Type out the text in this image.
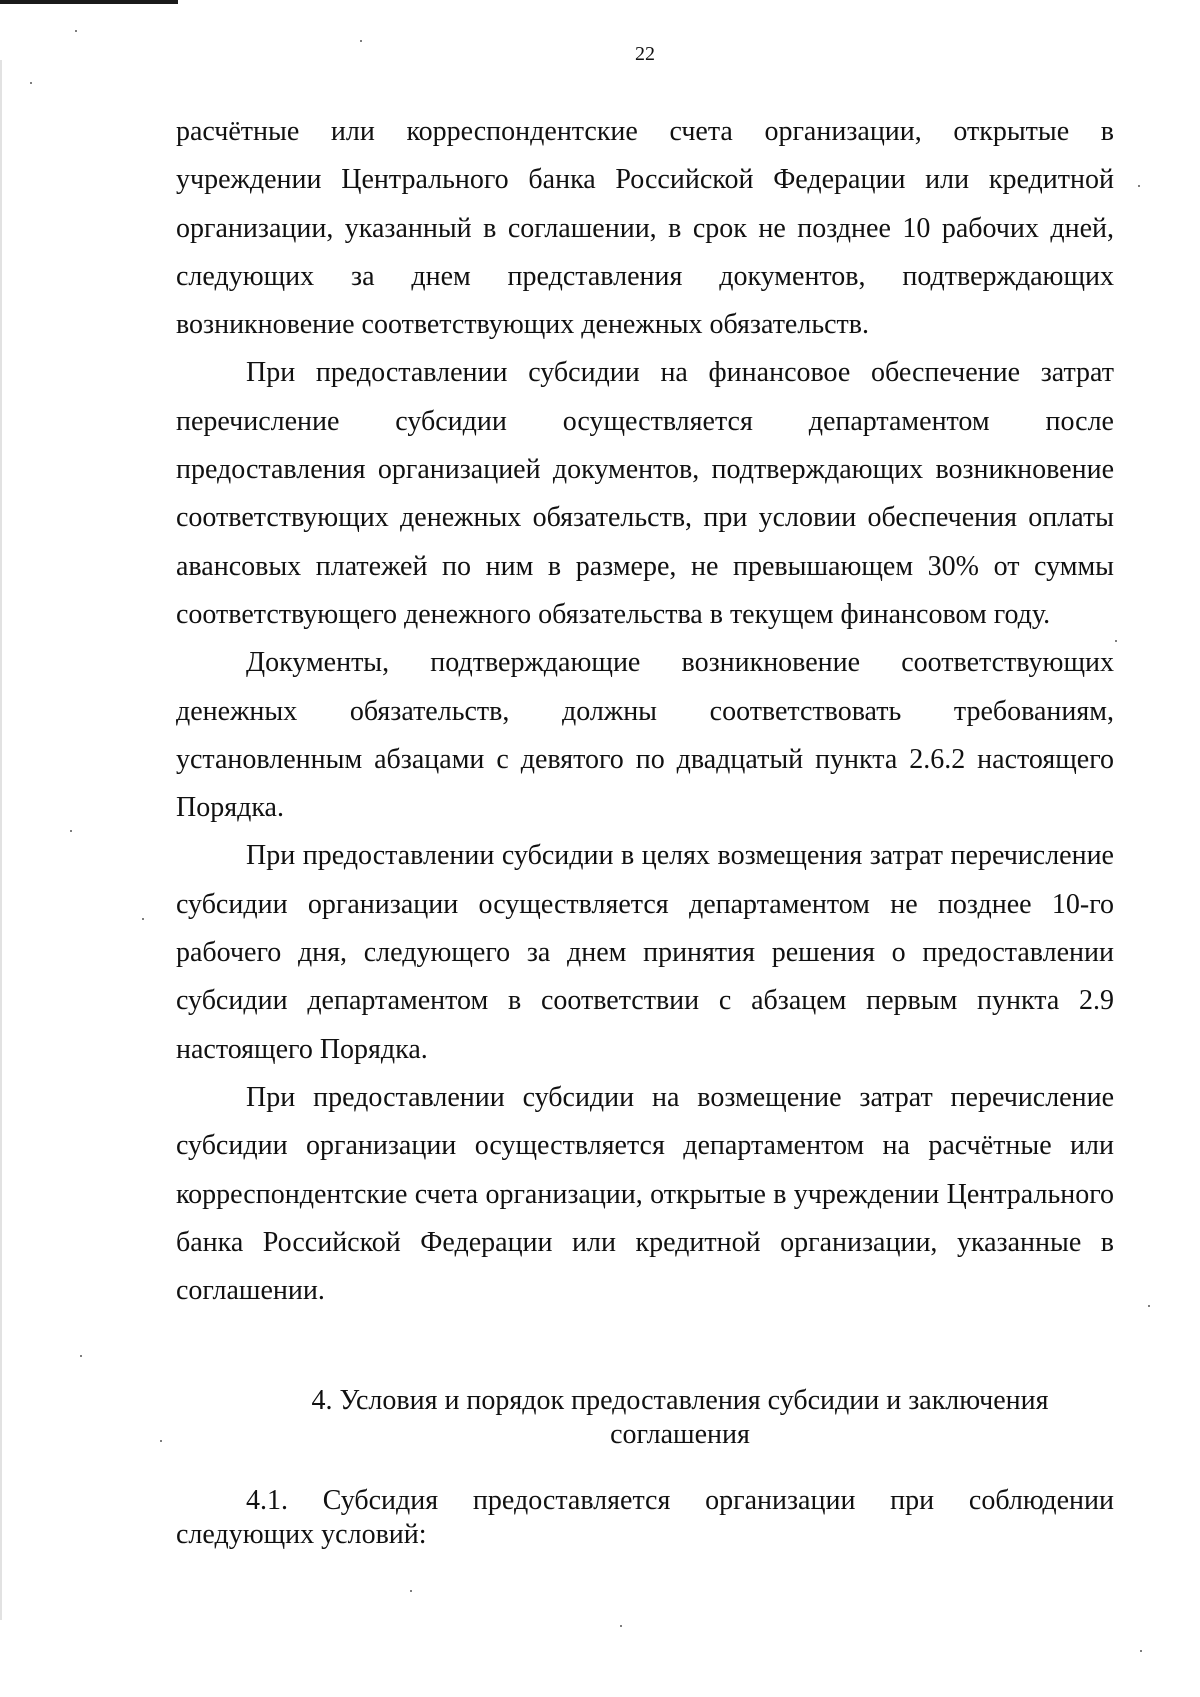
22

расчётные или корреспондентские счета организации, открытые в учреждении Центрального банка Российской Федерации или кредитной организации, указанный в соглашении, в срок не позднее 10 рабочих дней, следующих за днем представления документов, подтверждающих возникновение соответствующих денежных обязательств.

При предоставлении субсидии на финансовое обеспечение затрат перечисление субсидии осуществляется департаментом после предоставления организацией документов, подтверждающих возникновение соответствующих денежных обязательств, при условии обеспечения оплаты авансовых платежей по ним в размере, не превышающем 30% от суммы соответствующего денежного обязательства в текущем финансовом году.

Документы, подтверждающие возникновение соответствующих денежных обязательств, должны соответствовать требованиям, установленным абзацами с девятого по двадцатый пункта 2.6.2 настоящего Порядка.

При предоставлении субсидии в целях возмещения затрат перечисление субсидии организации осуществляется департаментом не позднее 10-го рабочего дня, следующего за днем принятия решения о предоставлении субсидии департаментом в соответствии с абзацем первым пункта 2.9 настоящего Порядка.

При предоставлении субсидии на возмещение затрат перечисление субсидии организации осуществляется департаментом на расчётные или корреспондентские счета организации, открытые в учреждении Центрального банка Российской Федерации или кредитной организации, указанные в соглашении.

4. Условия и порядок предоставления субсидии и заключения
соглашения

4.1. Субсидия предоставляется организации при соблюдении следующих условий:
